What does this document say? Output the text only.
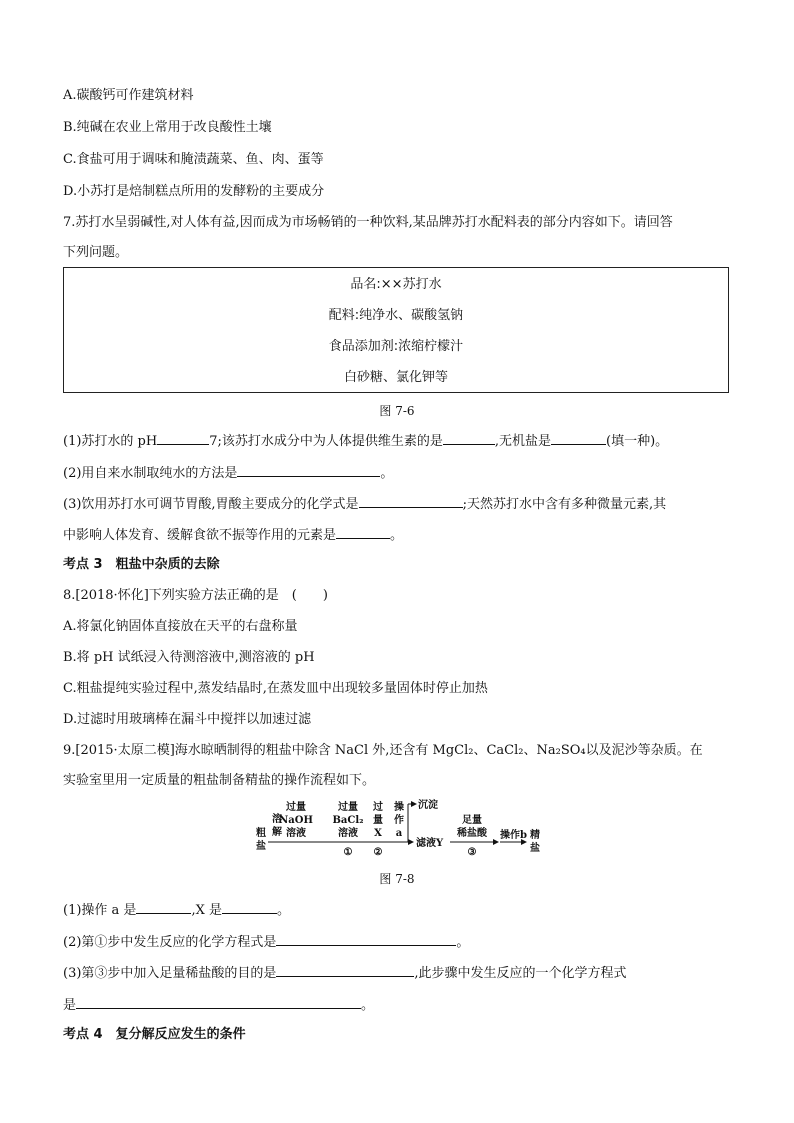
A.碳酸钙可作建筑材料
B.纯碱在农业上常用于改良酸性土壤
C.食盐可用于调味和腌渍蔬菜、鱼、肉、蛋等
D.小苏打是焙制糕点所用的发酵粉的主要成分
7.苏打水呈弱碱性,对人体有益,因而成为市场畅销的一种饮料,某品牌苏打水配料表的部分内容如下。请回答
下列问题。
品名:××苏打水
配料:纯净水、碳酸氢钠
食品添加剂:浓缩柠檬汁
白砂糖、氯化钾等
图 7-6
(1)苏打水的 pH	7;该苏打水成分中为人体提供维生素的是	,无机盐是	(填一种)。
(2)用自来水制取纯水的方法是	。
(3)饮用苏打水可调节胃酸,胃酸主要成分的化学式是	;天然苏打水中含有多种微量元素,其
中影响人体发育、缓解食欲不振等作用的元素是	。
考点 3　粗盐中杂质的去除
8.[2018·怀化]下列实验方法正确的是　(　　)
A.将氯化钠固体直接放在天平的右盘称量
B.将 pH 试纸浸入待测溶液中,测溶液的 pH
C.粗盐提纯实验过程中,蒸发结晶时,在蒸发皿中出现较多量固体时停止加热
D.过滤时用玻璃棒在漏斗中搅拌以加速过滤
9.[2015·太原二模]海水晾晒制得的粗盐中除含 NaCl 外,还含有 MgCl₂、CaCl₂、Na₂SO₄以及泥沙等杂质。在
实验室里用一定质量的粗盐制备精盐的操作流程如下。
粗
盐
溶
解
过量
NaOH
溶液
过量
BaCl₂
溶液
①
过
量
X
②
操
作
a
沉淀
滤液Y
足量
稀盐酸
③
操作b 精
盐
图 7-8
(1)操作 a 是	,X 是	。
(2)第①步中发生反应的化学方程式是	。
(3)第③步中加入足量稀盐酸的目的是	,此步骤中发生反应的一个化学方程式
是	。
考点 4　复分解反应发生的条件
